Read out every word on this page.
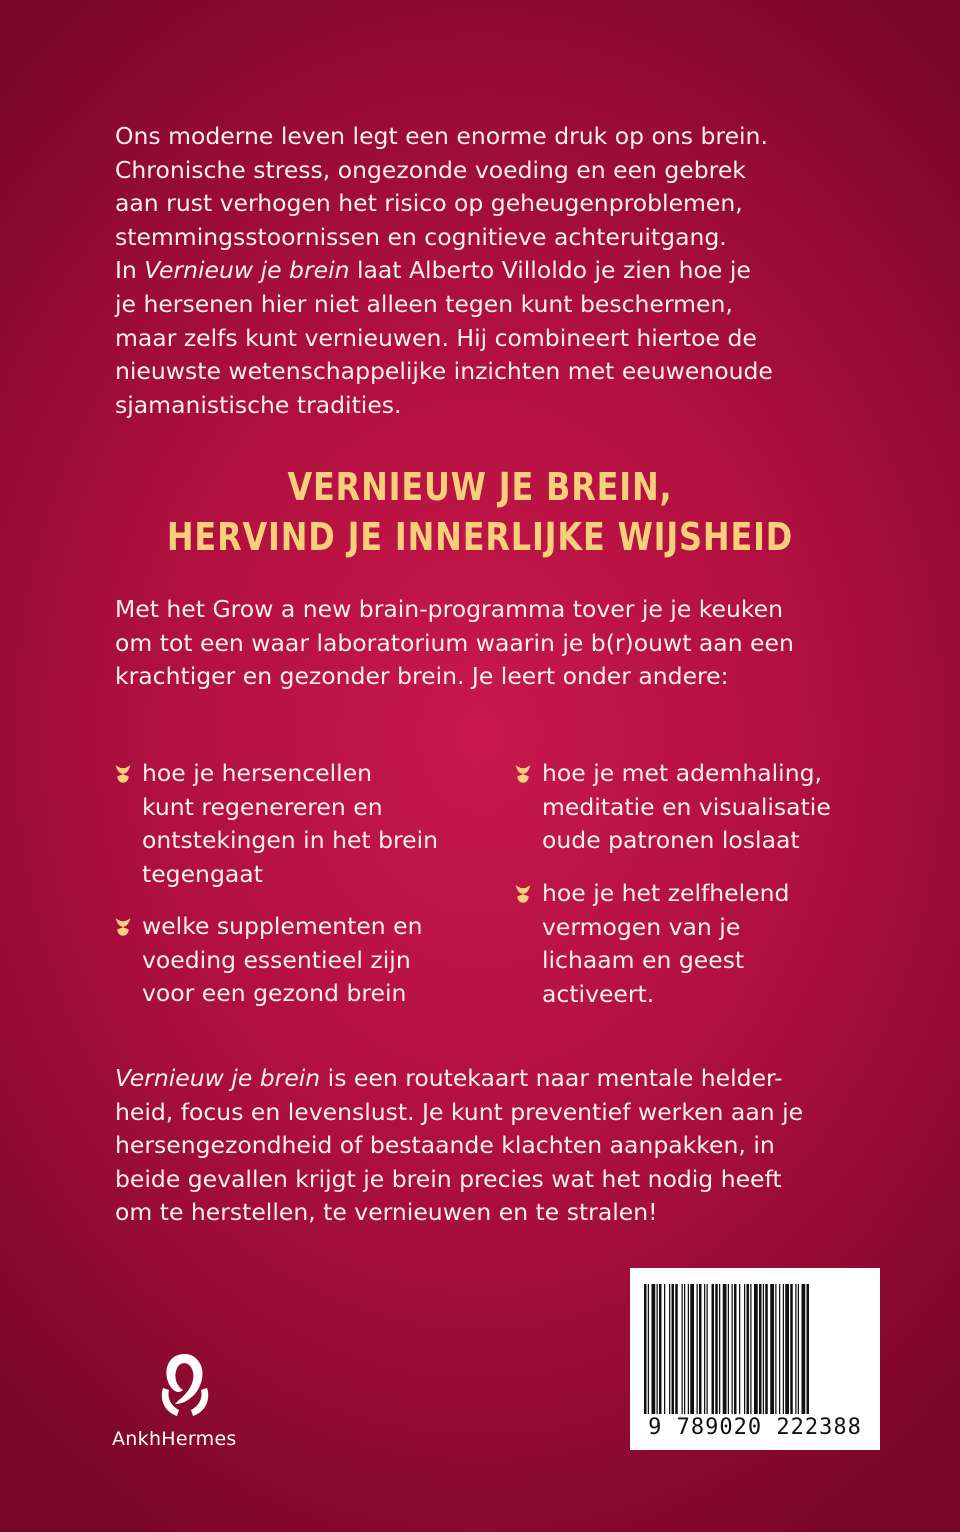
Ons moderne leven legt een enorme druk op ons brein.
Chronische stress, ongezonde voeding en een gebrek
aan rust verhogen het risico op geheugenproblemen,
stemmingsstoornissen en cognitieve achteruitgang.
In Vernieuw je brein laat Alberto Villoldo je zien hoe je
je hersenen hier niet alleen tegen kunt beschermen,
maar zelfs kunt vernieuwen. Hij combineert hiertoe de
nieuwste wetenschappelijke inzichten met eeuwenoude
sjamanistische tradities.
VERNIEUW JE BREIN,
HERVIND JE INNERLIJKE WIJSHEID
Met het Grow a new brain-programma tover je je keuken
om tot een waar laboratorium waarin je b(r)ouwt aan een
krachtiger en gezonder brein. Je leert onder andere:
hoe je hersencellen
kunt regenereren en
ontstekingen in het brein
tegengaat
welke supplementen en
voeding essentieel zijn
voor een gezond brein
hoe je met ademhaling,
meditatie en visualisatie
oude patronen loslaat
hoe je het zelfhelend
vermogen van je
lichaam en geest
activeert.
Vernieuw je brein is een routekaart naar mentale helder-
heid, focus en levenslust. Je kunt preventief werken aan je
hersengezondheid of bestaande klachten aanpakken, in
beide gevallen krijgt je brein precies wat het nodig heeft
om te herstellen, te vernieuwen en te stralen!
AnkhHermes	9 789020 222388
